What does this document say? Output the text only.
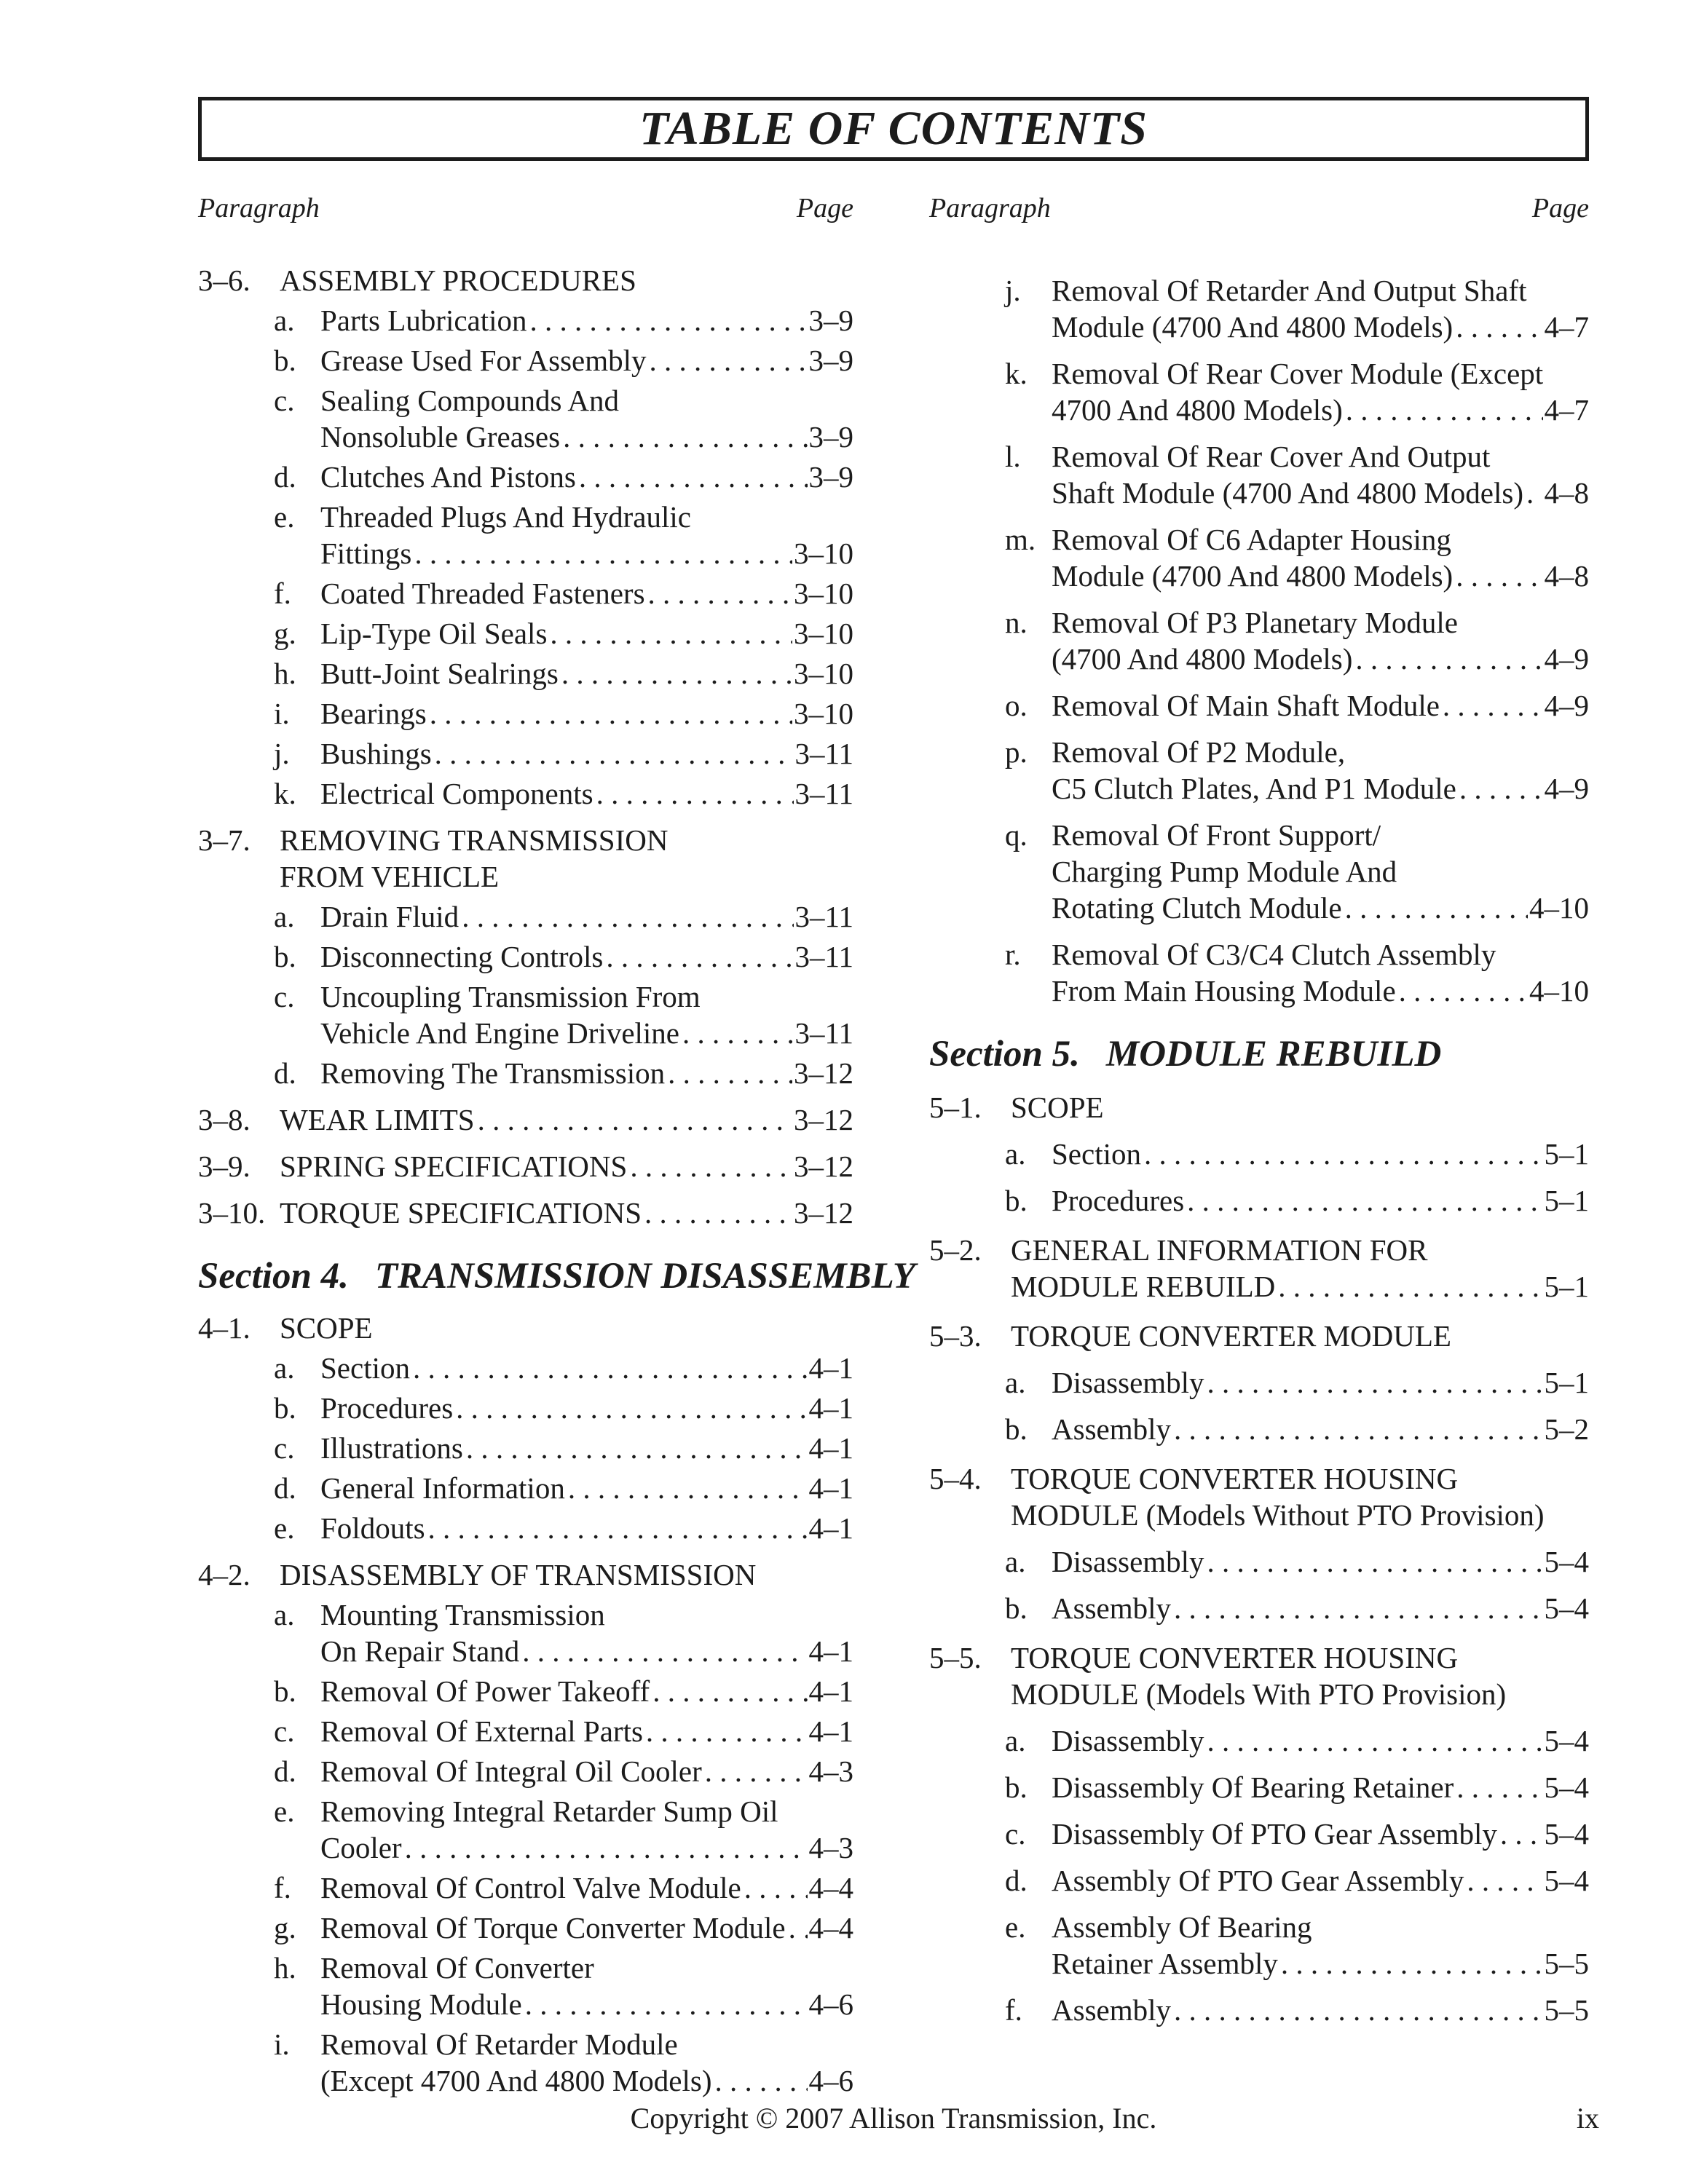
TABLE OF CONTENTS
Paragraph	Page	Paragraph	Page
3–6. ASSEMBLY PROCEDURES
a. Parts Lubrication . . .	3–9
b. Grease Used For Assembly . . .	3–9
c. Sealing Compounds And
Nonsoluble Greases . . .	3–9
d. Clutches And Pistons . . .	3–9
e. Threaded Plugs And Hydraulic
Fittings . . .	3–10
f. Coated Threaded Fasteners . . .	3–10
g. Lip-Type Oil Seals . . .	3–10
h. Butt-Joint Sealrings . . .	3–10
i.	Bearings . . .	3–10
j.	Bushings . . .	3–11
k. Electrical Components . . .	3–11
3–7. REMOVING TRANSMISSION
FROM VEHICLE
a. Drain Fluid . . .	3–11
b. Disconnecting Controls . . .	3–11
c. Uncoupling Transmission From
Vehicle And Engine Driveline . . .	3–11
d. Removing The Transmission . . .	3–12
3–8. WEAR LIMITS . . .	3–12
3–9. SPRING SPECIFICATIONS . . .	3–12
3–10. TORQUE SPECIFICATIONS . . .	3–12
Section 4. TRANSMISSION DISASSEMBLY
4–1. SCOPE
a. Section . . .	4–1
b. Procedures . . .	4–1
c. Illustrations . . .	4–1
d. General Information . . .	4–1
e. Foldouts . . .	4–1
4–2. DISASSEMBLY OF TRANSMISSION
a. Mounting Transmission
On Repair Stand . . .	4–1
b. Removal Of Power Takeoff . . .	4–1
c. Removal Of External Parts . . .	4–1
d. Removal Of Integral Oil Cooler . . .	4–3
e. Removing Integral Retarder Sump Oil
Cooler . . .	4–3
f. Removal Of Control Valve Module . . . 4–4
g. Removal Of Torque Converter Module . . . 4–4
h. Removal Of Converter
Housing Module . . .	4–6
i.	Removal Of Retarder Module
(Except 4700 And 4800 Models) . . .	4–6
j.	Removal Of Retarder And Output Shaft
Module (4700 And 4800 Models) . . .	4–7
k. Removal Of Rear Cover Module (Except
4700 And 4800 Models) . . .	4–7
l.	Removal Of Rear Cover And Output
Shaft Module (4700 And 4800 Models) . . . 4–8
m. Removal Of C6 Adapter Housing
Module (4700 And 4800 Models) . . .	4–8
n. Removal Of P3 Planetary Module
(4700 And 4800 Models) . . .	4–9
o. Removal Of Main Shaft Module . . .	4–9
p. Removal Of P2 Module,
C5 Clutch Plates, And P1 Module . . .	4–9
q. Removal Of Front Support/
Charging Pump Module And
Rotating Clutch Module . . .	4–10
r.	Removal Of C3/C4 Clutch Assembly
From Main Housing Module . . .	4–10
Section 5. MODULE REBUILD
5–1. SCOPE
a. Section . . .	5–1
b. Procedures . . .	5–1
5–2. GENERAL INFORMATION FOR
MODULE REBUILD . . .	5–1
5–3. TORQUE CONVERTER MODULE
a. Disassembly . . .	5–1
b. Assembly . . .	5–2
5–4. TORQUE CONVERTER HOUSING
MODULE (Models Without PTO Provision)
a. Disassembly . . .	5–4
b. Assembly . . .	5–4
5–5. TORQUE CONVERTER HOUSING
MODULE (Models With PTO Provision)
a. Disassembly . . .	5–4
b. Disassembly Of Bearing Retainer . . .	5–4
c. Disassembly Of PTO Gear Assembly . . . 5–4
d. Assembly Of PTO Gear Assembly . . .	5–4
e. Assembly Of Bearing
Retainer Assembly . . .	5–5
f. Assembly . . .	5–5
Copyright © 2007 Allison Transmission, Inc.	ix
